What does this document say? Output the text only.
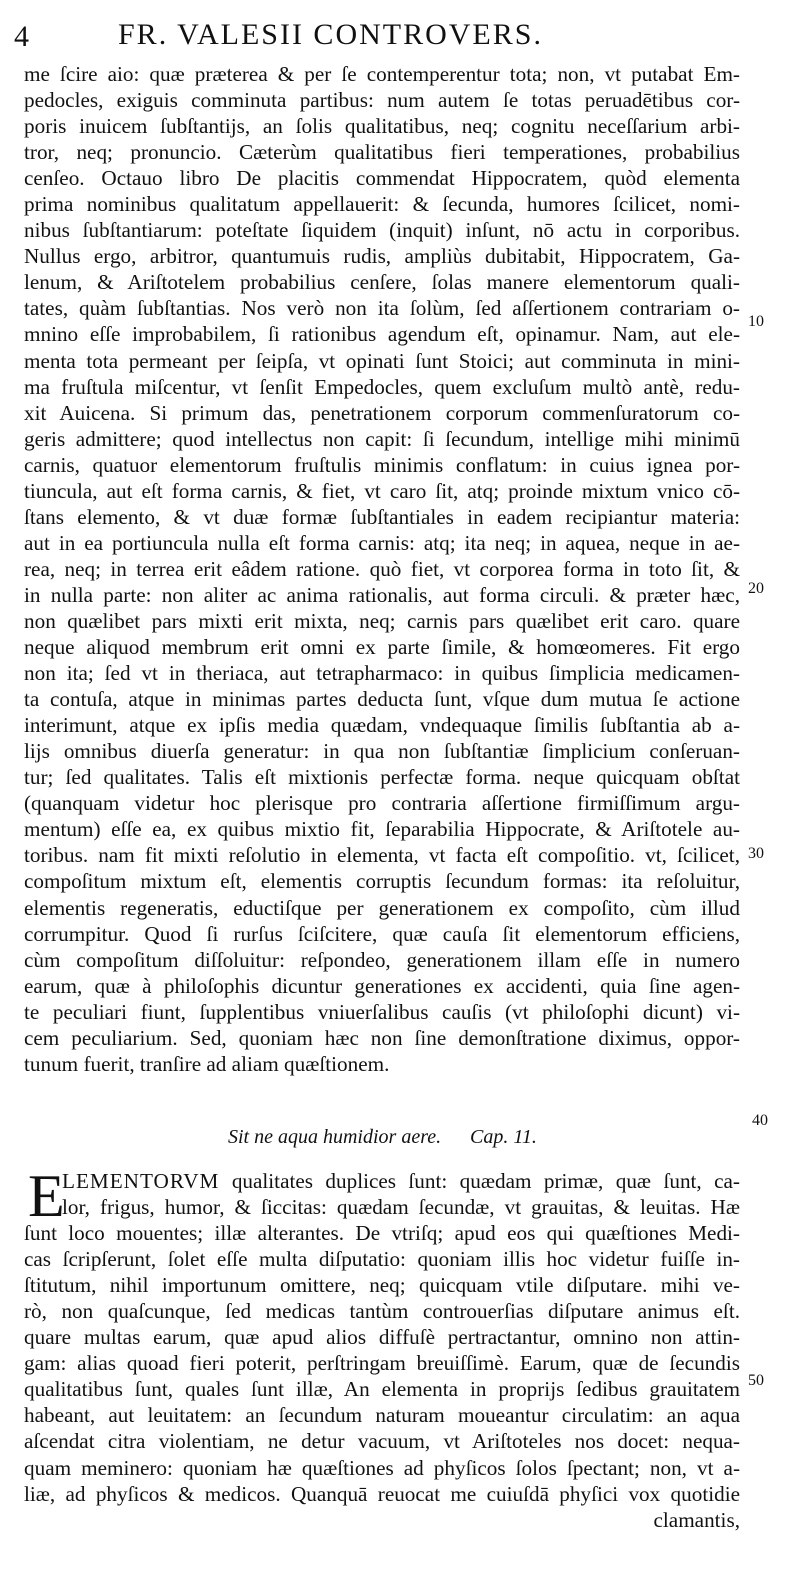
4	FR. VALESII CONTROVERS.
me ſcire aio: quæ præterea & per ſe contemperentur tota; non, vt putabat Em-
pedocles, exiguis comminuta partibus: num autem ſe totas peruadētibus cor-
poris inuicem ſubſtantijs, an ſolis qualitatibus, neq; cognitu neceſſarium arbi-
tror, neq; pronuncio. Cæterùm qualitatibus fieri temperationes, probabilius
cenſeo. Octauo libro De placitis commendat Hippocratem, quòd elementa
prima nominibus qualitatum appellauerit: & ſecunda, humores ſcilicet, nomi-
nibus ſubſtantiarum: poteſtate ſiquidem (inquit) inſunt, nō actu in corporibus.
Nullus ergo, arbitror, quantumuis rudis, ampliùs dubitabit, Hippocratem, Ga-
lenum, & Ariſtotelem probabilius cenſere, ſolas manere elementorum quali-
tates, quàm ſubſtantias. Nos verò non ita ſolùm, ſed aſſertionem contrariam o-
mnino eſſe improbabilem, ſi rationibus agendum eſt, opinamur. Nam, aut ele-
menta tota permeant per ſeipſa, vt opinati ſunt Stoici; aut comminuta in mini-
ma fruſtula miſcentur, vt ſenſit Empedocles, quem excluſum multò antè, redu-
xit Auicena. Si primum das, penetrationem corporum commenſuratorum co-
geris admittere; quod intellectus non capit: ſi ſecundum, intellige mihi minimū
carnis, quatuor elementorum fruſtulis minimis conflatum: in cuius ignea por-
tiuncula, aut eſt forma carnis, & fiet, vt caro ſit, atq; proinde mixtum vnico cō-
ſtans elemento, & vt duæ formæ ſubſtantiales in eadem recipiantur materia:
aut in ea portiuncula nulla eſt forma carnis: atq; ita neq; in aquea, neque in ae-
rea, neq; in terrea erit eâdem ratione. quò fiet, vt corporea forma in toto ſit, &
in nulla parte: non aliter ac anima rationalis, aut forma circuli. & præter hæc,
non quælibet pars mixti erit mixta, neq; carnis pars quælibet erit caro. quare
neque aliquod membrum erit omni ex parte ſimile, & homœomeres. Fit ergo
non ita; ſed vt in theriaca, aut tetrapharmaco: in quibus ſimplicia medicamen-
ta contuſa, atque in minimas partes deducta ſunt, vſque dum mutua ſe actione
interimunt, atque ex ipſis media quædam, vndequaque ſimilis ſubſtantia ab a-
lijs omnibus diuerſa generatur: in qua non ſubſtantiæ ſimplicium conſeruan-
tur; ſed qualitates. Talis eſt mixtionis perfectæ forma. neque quicquam obſtat
(quanquam videtur hoc plerisque pro contraria aſſertione firmiſſimum argu-
mentum) eſſe ea, ex quibus mixtio fit, ſeparabilia Hippocrate, & Ariſtotele au-
toribus. nam fit mixti reſolutio in elementa, vt facta eſt compoſitio. vt, ſcilicet,
compoſitum mixtum eſt, elementis corruptis ſecundum formas: ita reſoluitur,
elementis regeneratis, eductiſque per generationem ex compoſito, cùm illud
corrumpitur. Quod ſi rurſus ſciſcitere, quæ cauſa ſit elementorum efficiens,
cùm compoſitum diſſoluitur: reſpondeo, generationem illam eſſe in numero
earum, quæ à philoſophis dicuntur generationes ex accidenti, quia ſine agen-
te peculiari fiunt, ſupplentibus vniuerſalibus cauſis (vt philoſophi dicunt) vi-
cem peculiarium. Sed, quoniam hæc non ſine demonſtratione diximus, oppor-
tunum fuerit, tranſire ad aliam quæſtionem.
10
20
30
40
50
Sit ne aqua humidior aere. Cap. 11.
E
LEMENTORVM qualitates duplices ſunt: quædam primæ, quæ ſunt, ca-
lor, frigus, humor, & ſiccitas: quædam ſecundæ, vt grauitas, & leuitas. Hæ
ſunt loco mouentes; illæ alterantes. De vtriſq; apud eos qui quæſtiones Medi-
cas ſcripſerunt, ſolet eſſe multa diſputatio: quoniam illis hoc videtur fuiſſe in-
ſtitutum, nihil importunum omittere, neq; quicquam vtile diſputare. mihi ve-
rò, non quaſcunque, ſed medicas tantùm controuerſias diſputare animus eſt.
quare multas earum, quæ apud alios diffuſè pertractantur, omnino non attin-
gam: alias quoad fieri poterit, perſtringam breuiſſimè. Earum, quæ de ſecundis
qualitatibus ſunt, quales ſunt illæ, An elementa in proprijs ſedibus grauitatem
habeant, aut leuitatem: an ſecundum naturam moueantur circulatim: an aqua
aſcendat citra violentiam, ne detur vacuum, vt Ariſtoteles nos docet: nequa-
quam meminero: quoniam hæ quæſtiones ad phyſicos ſolos ſpectant; non, vt a-
liæ, ad phyſicos & medicos. Quanquā reuocat me cuiuſdā phyſici vox quotidie
clamantis,
